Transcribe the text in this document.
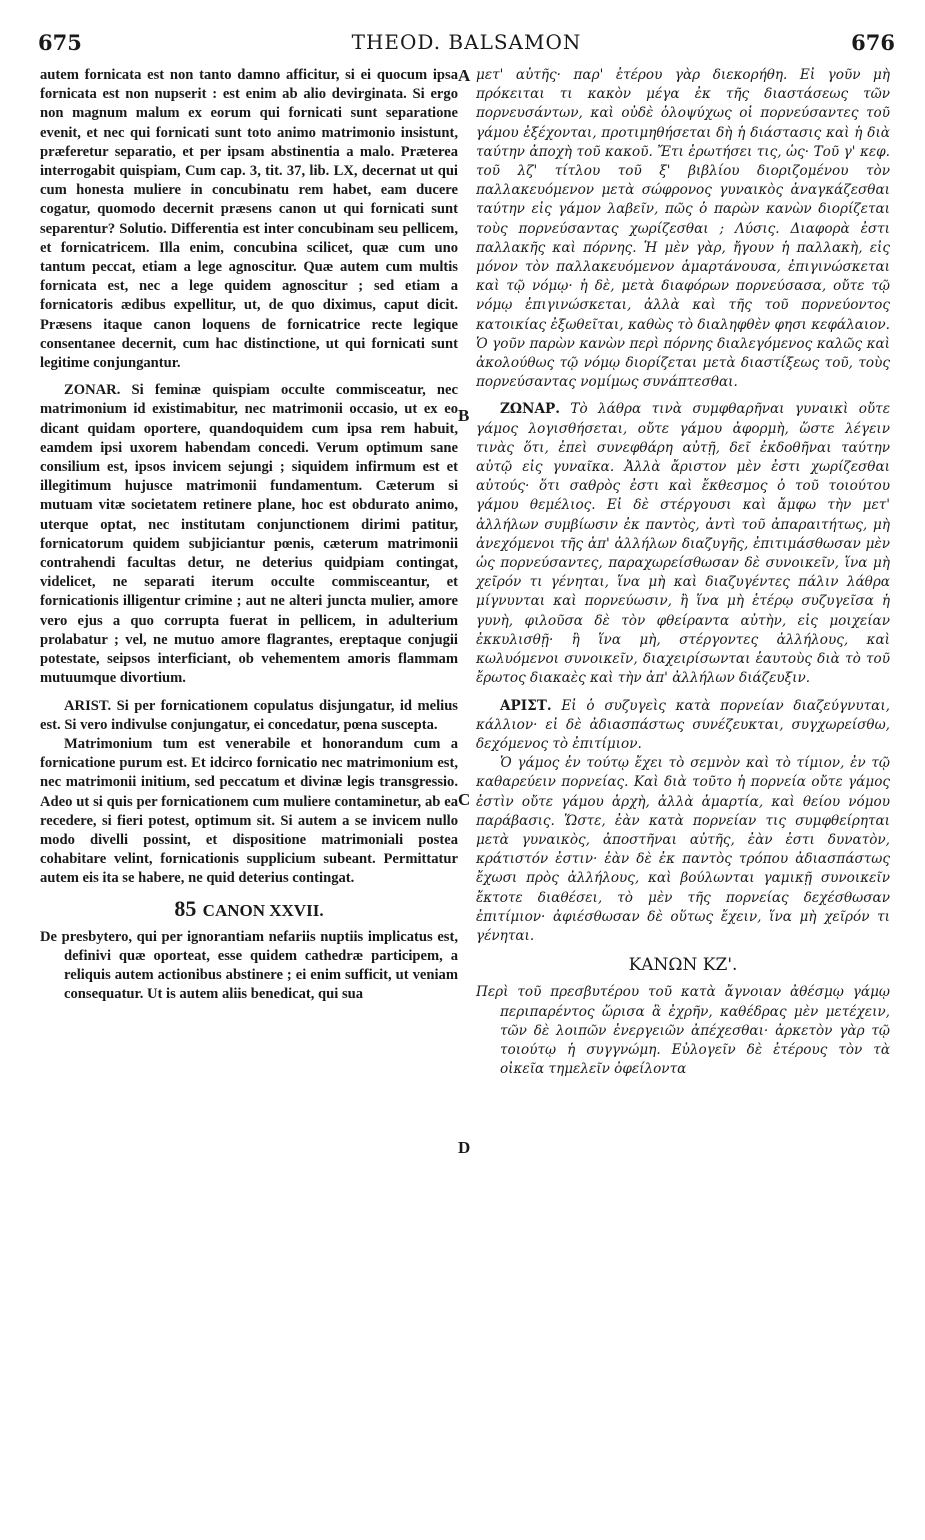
675	THEOD. BALSAMON	676
A
B
C
D
autem fornicata est non tanto damno afficitur, si ei quocum ipsa fornicata est non nupserit : est enim ab alio devirginata. Si ergo non magnum malum ex eorum qui fornicati sunt separatione evenit, et nec qui fornicati sunt toto animo matrimonio insistunt, præferetur separatio, et per ipsam abstinentia a malo. Præterea interrogabit quispiam, Cum cap. 3, tit. 37, lib. LX, decernat ut qui cum honesta muliere in concubinatu rem habet, eam ducere cogatur, quomodo decernit præsens canon ut qui fornicati sunt separentur? Solutio. Differentia est inter concubinam seu pellicem, et fornicatricem. Illa enim, concubina scilicet, quæ cum uno tantum peccat, etiam a lege agnoscitur. Quæ autem cum multis fornicata est, nec a lege quidem agnoscitur ; sed etiam a fornicatoris ædibus expellitur, ut, de quo diximus, caput dicit. Præsens itaque canon loquens de fornicatrice recte legique consentanee decernit, cum hac distinctione, ut qui fornicati sunt legitime conjungantur.
ZONAR. Si feminæ quispiam occulte commisceatur, nec matrimonium id existimabitur, nec matrimonii occasio, ut ex eo dicant quidam oportere, quandoquidem cum ipsa rem habuit, eamdem ipsi uxorem habendam concedi. Verum optimum sane consilium est, ipsos invicem sejungi ; siquidem infirmum est et illegitimum hujusce matrimonii fundamentum. Cæterum si mutuam vitæ societatem retinere plane, hoc est obdurato animo, uterque optat, nec institutam conjunctionem dirimi patitur, fornicatorum quidem subjiciantur pœnis, cæterum matrimonii contrahendi facultas detur, ne deterius quidpiam contingat, videlicet, ne separati iterum occulte commisceantur, et fornicationis illigentur crimine ; aut ne alteri juncta mulier, amore vero ejus a quo corrupta fuerat in pellicem, in adulterium prolabatur ; vel, ne mutuo amore flagrantes, ereptaque conjugii potestate, seipsos interficiant, ob vehementem amoris flammam mutuumque divortium.
ARIST. Si per fornicationem copulatus disjungatur, id melius est. Si vero indivulse conjungatur, ei concedatur, pœna suscepta.
Matrimonium tum est venerabile et honorandum cum a fornicatione purum est. Et idcirco fornicatio nec matrimonium est, nec matrimonii initium, sed peccatum et divinæ legis transgressio. Adeo ut si quis per fornicationem cum muliere contaminetur, ab ea recedere, si fieri potest, optimum sit. Si autem a se invicem nullo modo divelli possint, et dispositione matrimoniali postea cohabitare velint, fornicationis supplicium subeant. Permittatur autem eis ita se habere, ne quid deterius contingat.
85 CANON XXVII.
De presbytero, qui per ignorantiam nefariis nuptiis implicatus est, definivi quæ oporteat, esse quidem cathedræ participem, a reliquis autem actionibus abstinere ; ei enim sufficit, ut veniam consequatur. Ut is autem aliis benedicat, qui sua
μετ' αὐτῆς· παρ' ἑτέρου γὰρ διεκορήθη. Εἰ γοῦν μὴ πρόκειται τι κακὸν μέγα ἐκ τῆς διαστάσεως τῶν πορνευσάντων, καὶ οὐδὲ ὁλοψύχως οἱ πορνεύσαντες τοῦ γάμου ἐξέχονται, προτιμηθήσεται δὴ ἡ διάστασις καὶ ἡ διὰ ταύτην ἀποχὴ τοῦ κακοῦ. Ἔτι ἐρωτήσει τις, ὡς· Τοῦ γ' κεφ. τοῦ λζ' τίτλου τοῦ ξ' βιβλίου διοριζομένου τὸν παλλακευόμενον μετὰ σώφρονος γυναικὸς ἀναγκάζεσθαι ταύτην εἰς γάμον λαβεῖν, πῶς ὁ παρὼν κανὼν διορίζεται τοὺς πορνεύσαντας χωρίζεσθαι ; Λύσις. Διαφορὰ ἐστι παλλακῆς καὶ πόρνης. Ἡ μὲν γὰρ, ἤγουν ἡ παλλακὴ, εἰς μόνον τὸν παλλακευόμενον ἁμαρτάνουσα, ἐπιγινώσκεται καὶ τῷ νόμῳ· ἡ δὲ, μετὰ διαφόρων πορνεύσασα, οὔτε τῷ νόμῳ ἐπιγινώσκεται, ἀλλὰ καὶ τῆς τοῦ πορνεύοντος κατοικίας ἐξωθεῖται, καθὼς τὸ διαληφθὲν φησι κεφάλαιον. Ὁ γοῦν παρὼν κανὼν περὶ πόρνης διαλεγόμενος καλῶς καὶ ἀκολούθως τῷ νόμῳ διορίζεται μετὰ διαστίξεως τοῦ, τοὺς πορνεύσαντας νομίμως συνάπτεσθαι.
ΖΩΝΑΡ. Τὸ λάθρα τινὰ συμφθαρῆναι γυναικὶ οὔτε γάμος λογισθήσεται, οὔτε γάμου ἀφορμὴ, ὥστε λέγειν τινὰς ὅτι, ἐπεὶ συνεφθάρη αὐτῇ, δεῖ ἐκδοθῆναι ταύτην αὐτῷ εἰς γυναῖκα. Ἀλλὰ ἄριστον μὲν ἐστι χωρίζεσθαι αὐτούς· ὅτι σαθρὸς ἐστι καὶ ἔκθεσμος ὁ τοῦ τοιούτου γάμου θεμέλιος. Εἰ δὲ στέργουσι καὶ ἄμφω τὴν μετ' ἀλλήλων συμβίωσιν ἐκ παντὸς, ἀντὶ τοῦ ἀπαραιτήτως, μὴ ἀνεχόμενοι τῆς ἀπ' ἀλλήλων διαζυγῆς, ἐπιτιμάσθωσαν μὲν ὡς πορνεύσαντες, παραχωρείσθωσαν δὲ συνοικεῖν, ἵνα μὴ χεῖρόν τι γένηται, ἵνα μὴ καὶ διαζυγέντες πάλιν λάθρα μίγνυνται καὶ πορνεύωσιν, ἢ ἵνα μὴ ἑτέρῳ συζυγεῖσα ἡ γυνὴ, φιλοῦσα δὲ τὸν φθείραντα αὐτὴν, εἰς μοιχείαν ἐκκυλισθῇ· ἢ ἵνα μὴ, στέργοντες ἀλλήλους, καὶ κωλυόμενοι συνοικεῖν, διαχειρίσωνται ἑαυτοὺς διὰ τὸ τοῦ ἔρωτος διακαὲς καὶ τὴν ἀπ' ἀλλήλων διάζευξιν.
ΑΡΙΣΤ. Εἰ ὁ συζυγεὶς κατὰ πορνείαν διαζεύγνυται, κάλλιον· εἰ δὲ ἀδιασπάστως συνέζευκται, συγχωρείσθω, δεχόμενος τὸ ἐπιτίμιον.
Ὁ γάμος ἐν τούτῳ ἔχει τὸ σεμνὸν καὶ τὸ τίμιον, ἐν τῷ καθαρεύειν πορνείας. Καὶ διὰ τοῦτο ἡ πορνεία οὔτε γάμος ἐστὶν οὔτε γάμου ἀρχὴ, ἀλλὰ ἁμαρτία, καὶ θείου νόμου παράβασις. Ὥστε, ἐὰν κατὰ πορνείαν τις συμφθείρηται μετὰ γυναικὸς, ἀποστῆναι αὐτῆς, ἐὰν ἐστι δυνατὸν, κράτιστόν ἐστιν· ἐὰν δὲ ἐκ παντὸς τρόπου ἀδιασπάστως ἔχωσι πρὸς ἀλλήλους, καὶ βούλωνται γαμικῇ συνοικεῖν ἔκτοτε διαθέσει, τὸ μὲν τῆς πορνείας δεχέσθωσαν ἐπιτίμιον· ἀφιέσθωσαν δὲ οὕτως ἔχειν, ἵνα μὴ χεῖρόν τι γένηται.
ΚΑΝΩΝ ΚΖ'.
Περὶ τοῦ πρεσβυτέρου τοῦ κατὰ ἄγνοιαν ἀθέσμῳ γάμῳ περιπαρέντος ὥρισα ἃ ἐχρῆν, καθέδρας μὲν μετέχειν, τῶν δὲ λοιπῶν ἐνεργειῶν ἀπέχεσθαι· ἀρκετὸν γὰρ τῷ τοιούτῳ ἡ συγγνώμη. Εὐλογεῖν δὲ ἑτέρους τὸν τὰ οἰκεῖα τημελεῖν ὀφείλοντα
